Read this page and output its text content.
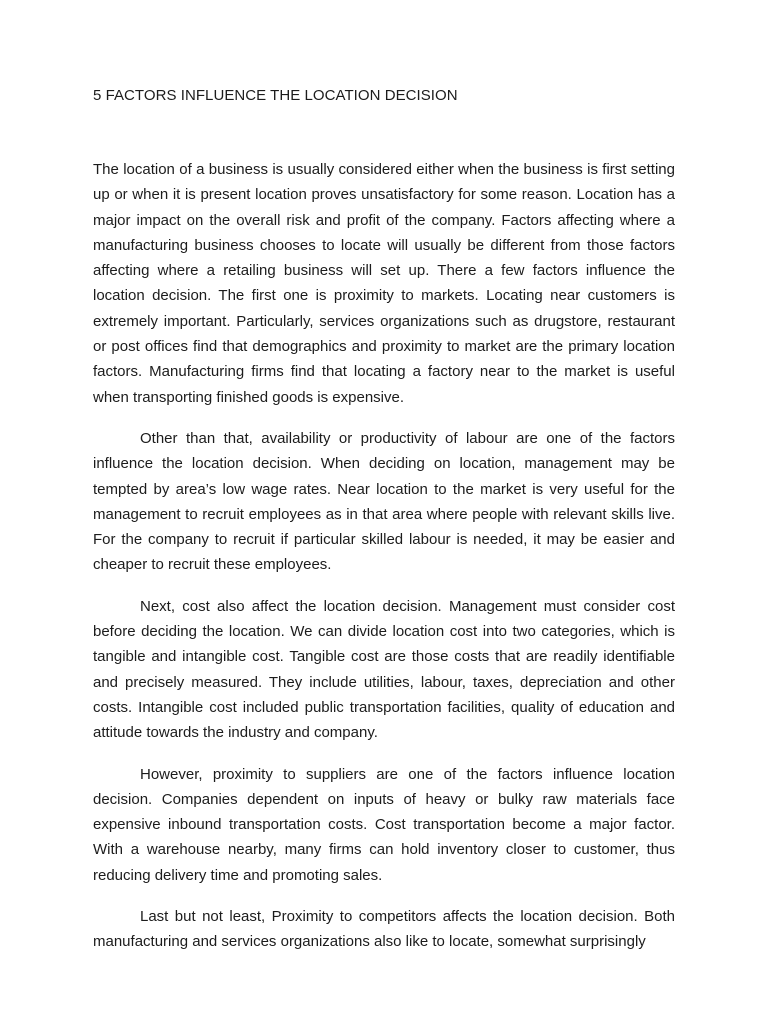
5 FACTORS INFLUENCE THE LOCATION DECISION

The location of a business is usually considered either when the business is first setting up or when it is present location proves unsatisfactory for some reason. Location has a major impact on the overall risk and profit of the company. Factors affecting where a manufacturing business chooses to locate will usually be different from those factors affecting where a retailing business will set up. There a few factors influence the location decision. The first one is proximity to markets. Locating near customers is extremely important. Particularly, services organizations such as drugstore, restaurant or post offices find that demographics and proximity to market are the primary location factors. Manufacturing firms find that locating a factory near to the market is useful when transporting finished goods is expensive.

Other than that, availability or productivity of labour are one of the factors influence the location decision. When deciding on location, management may be tempted by area’s low wage rates. Near location to the market is very useful for the management to recruit employees as in that area where people with relevant skills live. For the company to recruit if particular skilled labour is needed, it may be easier and cheaper to recruit these employees.

Next, cost also affect the location decision. Management must consider cost before deciding the location. We can divide location cost into two categories, which is tangible and intangible cost. Tangible cost are those costs that are readily identifiable and precisely measured. They include utilities, labour, taxes, depreciation and other costs. Intangible cost included public transportation facilities, quality of education and attitude towards the industry and company.

However, proximity to suppliers are one of the factors influence location decision. Companies dependent on inputs of heavy or bulky raw materials face expensive inbound transportation costs. Cost transportation become a major factor. With a warehouse nearby, many firms can hold inventory closer to customer, thus reducing delivery time and promoting sales.

Last but not least, Proximity to competitors affects the location decision. Both manufacturing and services organizations also like to locate, somewhat surprisingly
